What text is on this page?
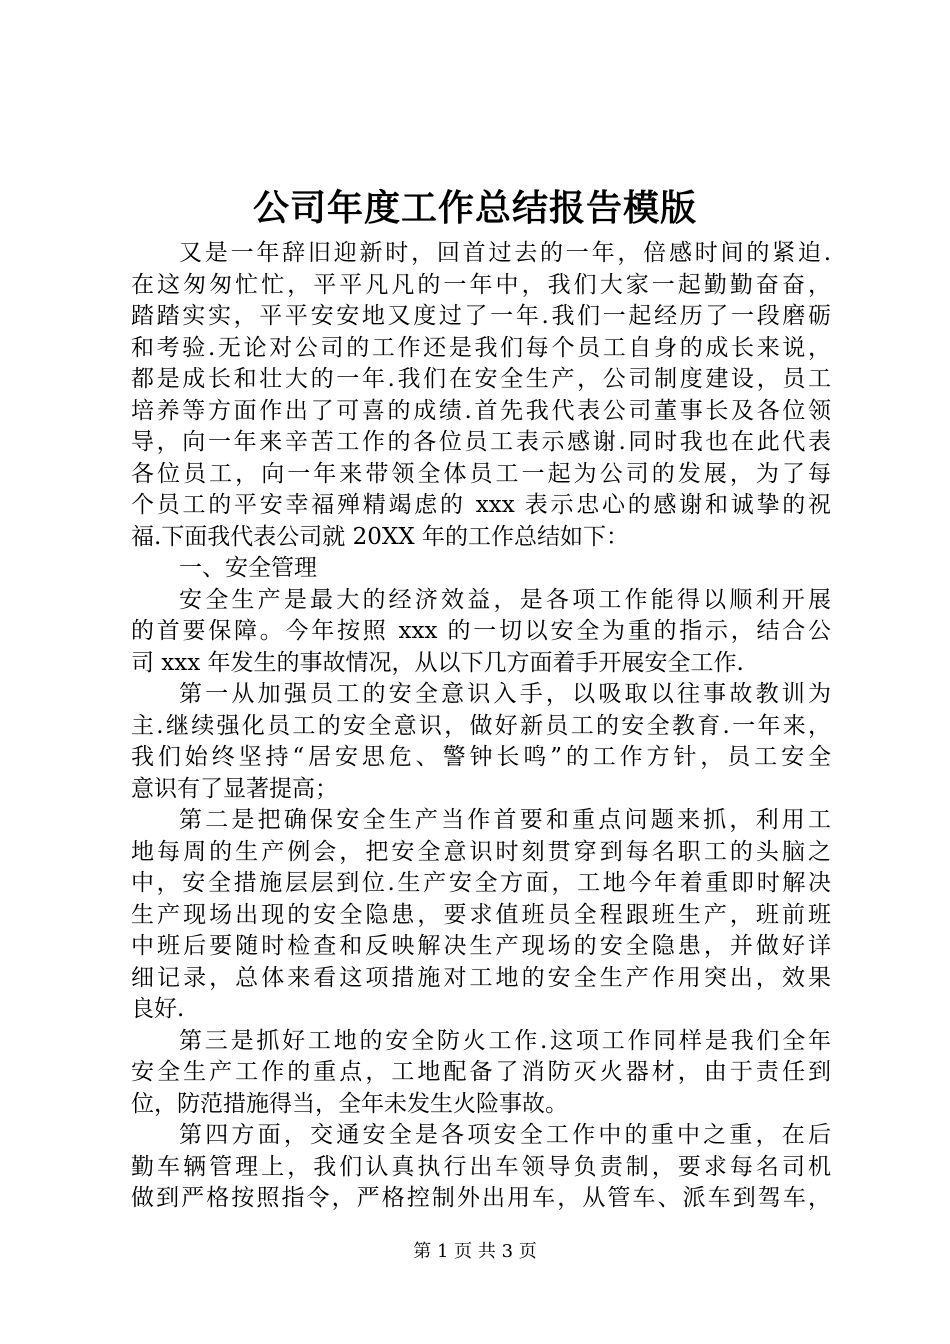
公司年度工作总结报告模版
又是一年辞旧迎新时，回首过去的一年，倍感时间的紧迫.
在这匆匆忙忙，平平凡凡的一年中，我们大家一起勤勤奋奋，
踏踏实实，平平安安地又度过了一年.我们一起经历了一段磨砺
和考验.无论对公司的工作还是我们每个员工自身的成长来说，
都是成长和壮大的一年.我们在安全生产，公司制度建设，员工
培养等方面作出了可喜的成绩.首先我代表公司董事长及各位领
导，向一年来辛苦工作的各位员工表示感谢.同时我也在此代表
各位员工，向一年来带领全体员工一起为公司的发展，为了每
个员工的平安幸福殚精竭虑的 xxx 表示忠心的感谢和诚挚的祝
福.下面我代表公司就 20XX 年的工作总结如下：
一、安全管理
安全生产是最大的经济效益，是各项工作能得以顺利开展
的首要保障。今年按照 xxx 的一切以安全为重的指示，结合公
司 xxx 年发生的事故情况，从以下几方面着手开展安全工作.
第一从加强员工的安全意识入手，以吸取以往事故教训为
主.继续强化员工的安全意识，做好新员工的安全教育.一年来，
我们始终坚持“居安思危、警钟长鸣”的工作方针，员工安全
意识有了显著提高；
第二是把确保安全生产当作首要和重点问题来抓，利用工
地每周的生产例会，把安全意识时刻贯穿到每名职工的头脑之
中，安全措施层层到位.生产安全方面，工地今年着重即时解决
生产现场出现的安全隐患，要求值班员全程跟班生产，班前班
中班后要随时检查和反映解决生产现场的安全隐患，并做好详
细记录，总体来看这项措施对工地的安全生产作用突出，效果
良好.
第三是抓好工地的安全防火工作.这项工作同样是我们全年
安全生产工作的重点，工地配备了消防灭火器材，由于责任到
位，防范措施得当，全年未发生火险事故。
第四方面，交通安全是各项安全工作中的重中之重，在后
勤车辆管理上，我们认真执行出车领导负责制，要求每名司机
做到严格按照指令，严格控制外出用车，从管车、派车到驾车，
第 1 页 共 3 页
